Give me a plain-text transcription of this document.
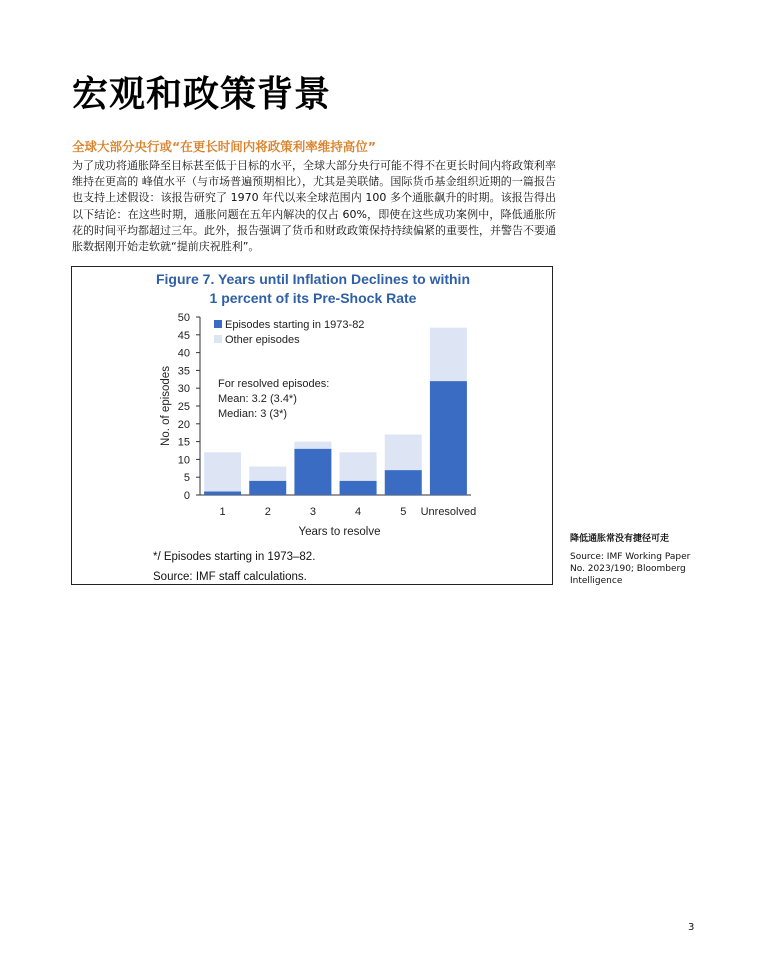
宏观和政策背景
全球大部分央行或“在更长时间内将政策利率维持高位”
为了成功将通胀降至目标甚至低于目标的水平，全球大部分央行可能不得不在更长时间内将政策利率维持在更高的 峰值水平（与市场普遍预期相比），尤其是美联储。国际货币基金组织近期的一篇报告也支持上述假设：该报告研究了 1970 年代以来全球范围内 100 多个通胀飙升的时期。该报告得出以下结论：在这些时期，通胀问题在五年内解决的仅占 60%，即使在这些成功案例中，降低通胀所花的时间平均都超过三年。此外，报告强调了货币和财政政策保持持续偏紧的重要性，并警告不要通胀数据刚开始走软就“提前庆祝胜利”。
Figure 7. Years until Inflation Declines to within
1 percent of its Pre-Shock Rate
0
5
10
15
20
25
30
35
40
45
50
No. of episodes
Years to resolve
1	2	3	4	5 Unresolved
Episodes starting in 1973-82
Other episodes
For resolved episodes:
Mean: 3.2 (3.4*)
Median: 3 (3*)
*/ Episodes starting in 1973–82.
Source: IMF staff calculations.
降低通胀常没有捷径可走
Source: IMF Working Paper No. 2023/190; Bloomberg Intelligence
3
